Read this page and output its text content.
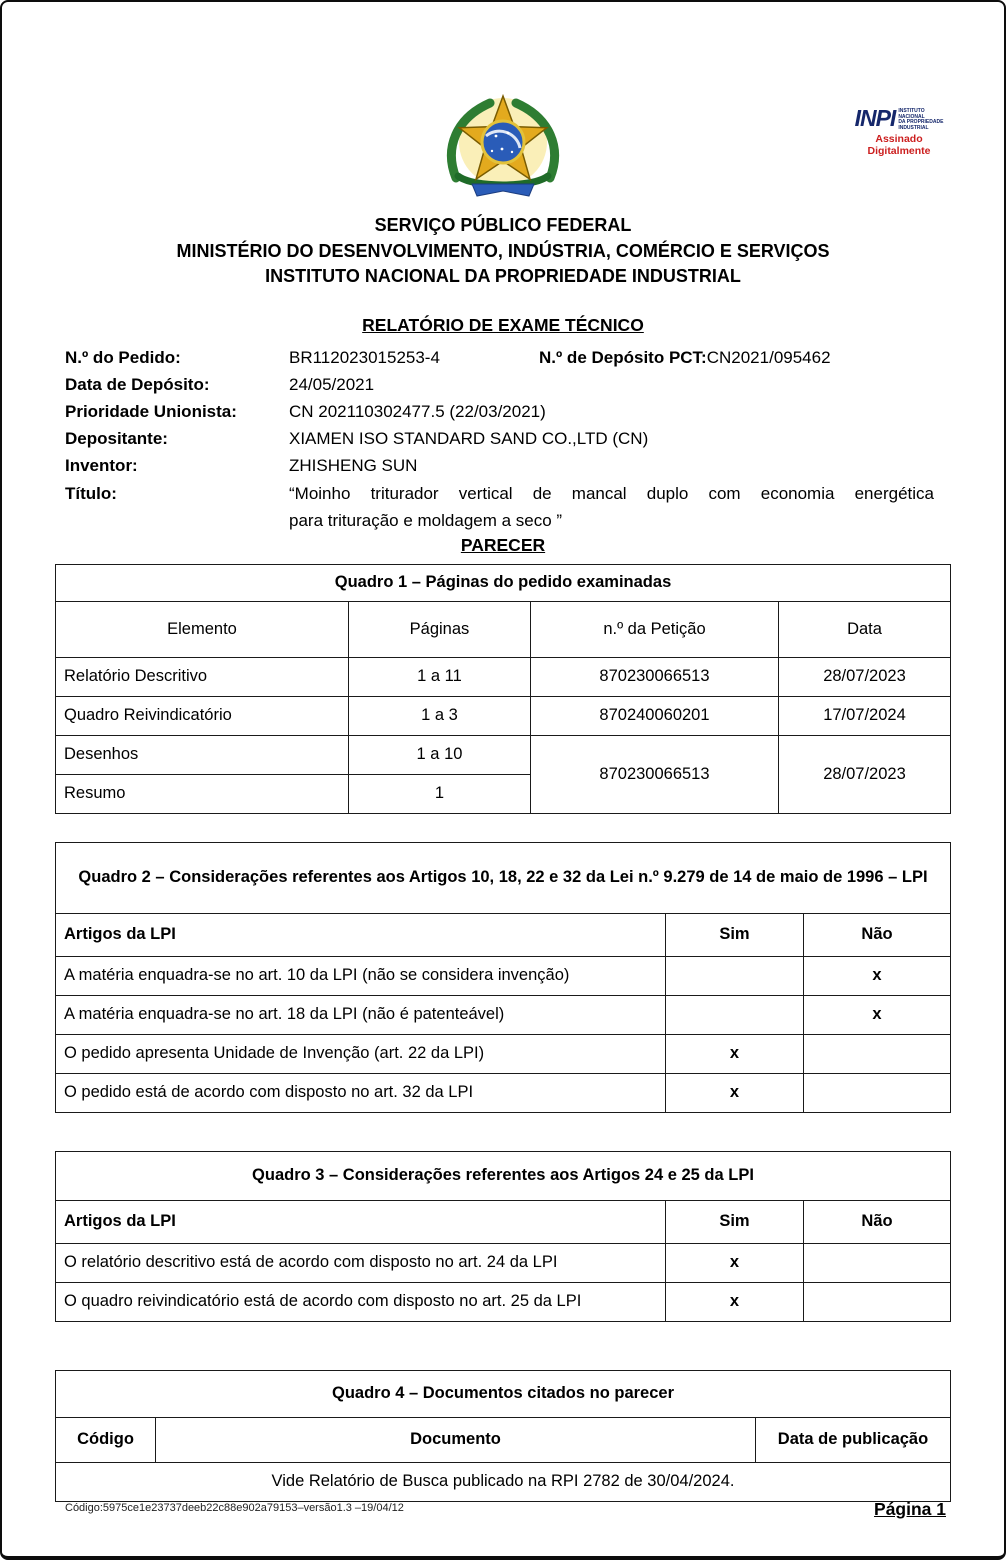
INPI INSTITUTO
NACIONAL
DA PROPRIEDADE
INDUSTRIAL
Assinado
Digitalmente
SERVIÇO PÚBLICO FEDERAL
MINISTÉRIO DO DESENVOLVIMENTO, INDÚSTRIA, COMÉRCIO E SERVIÇOS
INSTITUTO NACIONAL DA PROPRIEDADE INDUSTRIAL
RELATÓRIO DE EXAME TÉCNICO
N.º do Pedido:	BR112023015253-4	N.º de Depósito PCT: CN2021/095462
Data de Depósito:	24/05/2021
Prioridade Unionista:	CN 202110302477.5 (22/03/2021)
Depositante:	XIAMEN ISO STANDARD SAND CO.,LTD (CN)
Inventor:	ZHISHENG SUN
Título:	“Moinho triturador vertical de mancal duplo com economia energética
para trituração e moldagem a seco ”
PARECER
Quadro 1 – Páginas do pedido examinadas			
Elemento	Páginas	n.º da Petição	Data
Relatório Descritivo	1 a 11	870230066513	28/07/2023
Quadro Reivindicatório	1 a 3	870240060201	17/07/2024
Desenhos	1 a 10	870230066513	28/07/2023
Resumo	1		
Quadro 2 – Considerações referentes aos Artigos 10, 18, 22 e 32 da Lei n.º 9.279 de 14 de maio de 1996 – LPI		
Artigos da LPI	Sim	Não
A matéria enquadra-se no art. 10 da LPI (não se considera invenção)		x
A matéria enquadra-se no art. 18 da LPI (não é patenteável)		x
O pedido apresenta Unidade de Invenção (art. 22 da LPI)	x	
O pedido está de acordo com disposto no art. 32 da LPI	x	
Quadro 3 – Considerações referentes aos Artigos 24 e 25 da LPI		
Artigos da LPI	Sim	Não
O relatório descritivo está de acordo com disposto no art. 24 da LPI	x	
O quadro reivindicatório está de acordo com disposto no art. 25 da LPI	x	
Quadro 4 – Documentos citados no parecer
Código	Documento	Data de publicação
Vide Relatório de Busca publicado na RPI 2782 de 30/04/2024.
Código:5975ce1e23737deeb22c88e902a79153–versão1.3 –19/04/12	Página 1
